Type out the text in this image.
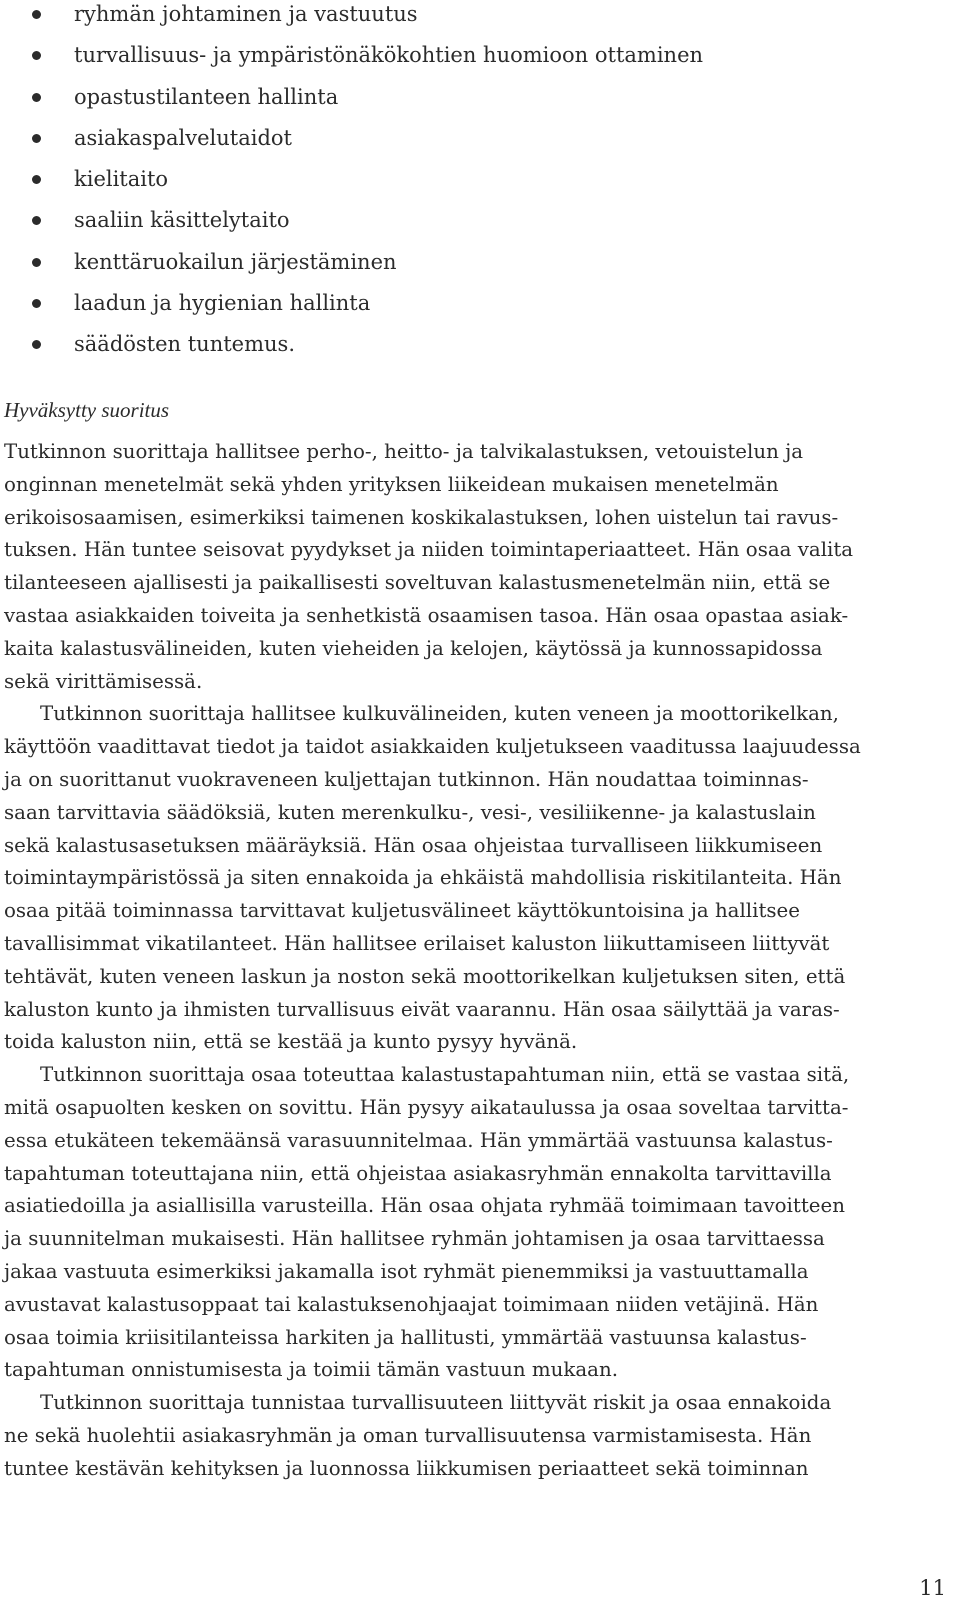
ryhmän johtaminen ja vastuutus
turvallisuus- ja ympäristönäkökohtien huomioon ottaminen
opastustilanteen hallinta
asiakaspalvelutaidot
kielitaito
saaliin käsittelytaito
kenttäruokailun järjestäminen
laadun ja hygienian hallinta
säädösten tuntemus.
Hyväksytty suoritus
Tutkinnon suorittaja hallitsee perho-, heitto- ja talvikalastuksen, vetouistelun ja
onginnan menetelmät sekä yhden yrityksen liikeidean mukaisen menetelmän
erikoisosaamisen, esimerkiksi taimenen koskikalastuksen, lohen uistelun tai ravus-
tuksen. Hän tuntee seisovat pyydykset ja niiden toimintaperiaatteet. Hän osaa valita
tilanteeseen ajallisesti ja paikallisesti soveltuvan kalastusmenetelmän niin, että se
vastaa asiakkaiden toiveita ja senhetkistä osaamisen tasoa. Hän osaa opastaa asiak-
kaita kalastusvälineiden, kuten vieheiden ja kelojen, käytössä ja kunnossapidossa
sekä virittämisessä.
Tutkinnon suorittaja hallitsee kulkuvälineiden, kuten veneen ja moottorikelkan,
käyttöön vaadittavat tiedot ja taidot asiakkaiden kuljetukseen vaaditussa laajuudessa
ja on suorittanut vuokraveneen kuljettajan tutkinnon. Hän noudattaa toiminnas-
saan tarvittavia säädöksiä, kuten merenkulku-, vesi-, vesiliikenne- ja kalastuslain
sekä kalastusasetuksen määräyksiä. Hän osaa ohjeistaa turvalliseen liikkumiseen
toimintaympäristössä ja siten ennakoida ja ehkäistä mahdollisia riskitilanteita. Hän
osaa pitää toiminnassa tarvittavat kuljetusvälineet käyttökuntoisina ja hallitsee
tavallisimmat vikatilanteet. Hän hallitsee erilaiset kaluston liikuttamiseen liittyvät
tehtävät, kuten veneen laskun ja noston sekä moottorikelkan kuljetuksen siten, että
kaluston kunto ja ihmisten turvallisuus eivät vaarannu. Hän osaa säilyttää ja varas-
toida kaluston niin, että se kestää ja kunto pysyy hyvänä.
Tutkinnon suorittaja osaa toteuttaa kalastustapahtuman niin, että se vastaa sitä,
mitä osapuolten kesken on sovittu. Hän pysyy aikataulussa ja osaa soveltaa tarvitta-
essa etukäteen tekemäänsä varasuunnitelmaa. Hän ymmärtää vastuunsa kalastus-
tapahtuman toteuttajana niin, että ohjeistaa asiakasryhmän ennakolta tarvittavilla
asiatiedoilla ja asiallisilla varusteilla. Hän osaa ohjata ryhmää toimimaan tavoitteen
ja suunnitelman mukaisesti. Hän hallitsee ryhmän johtamisen ja osaa tarvittaessa
jakaa vastuuta esimerkiksi jakamalla isot ryhmät pienemmiksi ja vastuuttamalla
avustavat kalastusoppaat tai kalastuksenohjaajat toimimaan niiden vetäjinä. Hän
osaa toimia kriisitilanteissa harkiten ja hallitusti, ymmärtää vastuunsa kalastus-
tapahtuman onnistumisesta ja toimii tämän vastuun mukaan.
Tutkinnon suorittaja tunnistaa turvallisuuteen liittyvät riskit ja osaa ennakoida
ne sekä huolehtii asiakasryhmän ja oman turvallisuutensa varmistamisesta. Hän
tuntee kestävän kehityksen ja luonnossa liikkumisen periaatteet sekä toiminnan
11
